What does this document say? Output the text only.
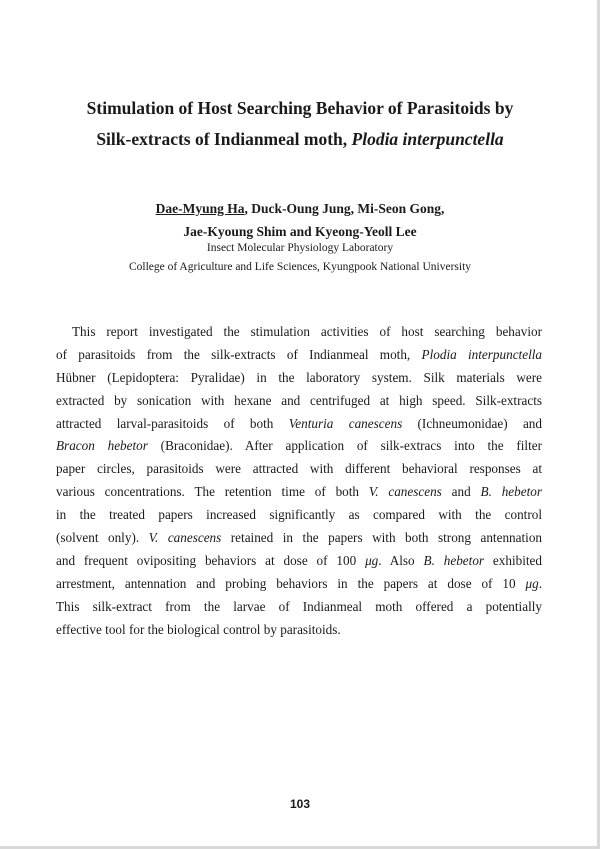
Stimulation of Host Searching Behavior of Parasitoids by
Silk-extracts of Indianmeal moth, Plodia interpunctella

Dae-Myung Ha, Duck-Oung Jung, Mi-Seon Gong,
Jae-Kyoung Shim and Kyeong-Yeoll Lee

Insect Molecular Physiology Laboratory

College of Agriculture and Life Sciences, Kyungpook National University

This report investigated the stimulation activities of host searching behavior
of parasitoids from the silk-extracts of Indianmeal moth, Plodia interpunctella
Hübner (Lepidoptera: Pyralidae) in the laboratory system. Silk materials were
extracted by sonication with hexane and centrifuged at high speed. Silk-extracts
attracted larval-parasitoids of both Venturia canescens (Ichneumonidae) and
Bracon hebetor (Braconidae). After application of silk-extracs into the filter
paper circles, parasitoids were attracted with different behavioral responses at
various concentrations. The retention time of both V. canescens and B. hebetor
in the treated papers increased significantly as compared with the control
(solvent only). V. canescens retained in the papers with both strong antennation
and frequent ovipositing behaviors at dose of 100 μg. Also B. hebetor exhibited
arrestment, antennation and probing behaviors in the papers at dose of 10 μg.
This silk-extract from the larvae of Indianmeal moth offered a potentially
effective tool for the biological control by parasitoids.

103
